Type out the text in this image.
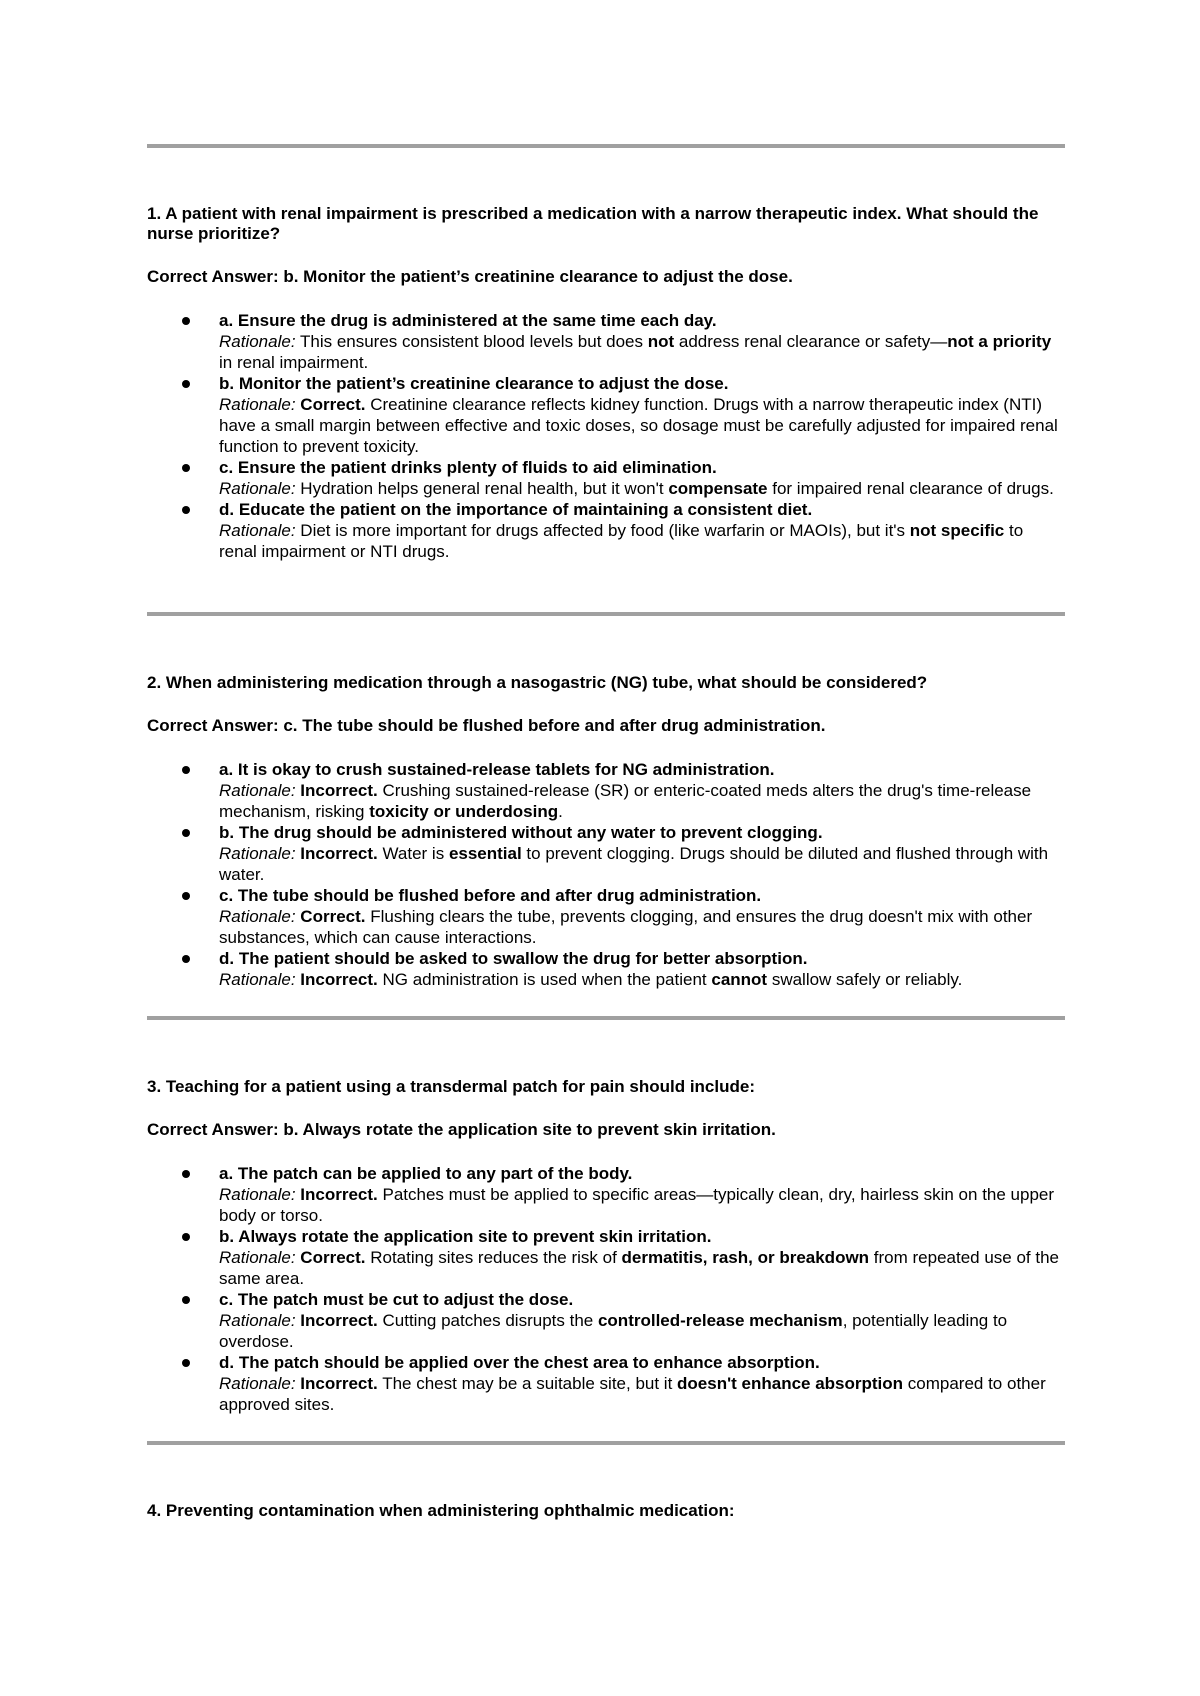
1. A patient with renal impairment is prescribed a medication with a narrow therapeutic index. What should the nurse prioritize?

Correct Answer: b. Monitor the patient’s creatinine clearance to adjust the dose.

a. Ensure the drug is administered at the same time each day.
Rationale: This ensures consistent blood levels but does not address renal clearance or safety—not a priority in renal impairment.
b. Monitor the patient’s creatinine clearance to adjust the dose.
Rationale: Correct. Creatinine clearance reflects kidney function. Drugs with a narrow therapeutic index (NTI) have a small margin between effective and toxic doses, so dosage must be carefully adjusted for impaired renal function to prevent toxicity.
c. Ensure the patient drinks plenty of fluids to aid elimination.
Rationale: Hydration helps general renal health, but it won't compensate for impaired renal clearance of drugs.
d. Educate the patient on the importance of maintaining a consistent diet.
Rationale: Diet is more important for drugs affected by food (like warfarin or MAOIs), but it's not specific to renal impairment or NTI drugs.

2. When administering medication through a nasogastric (NG) tube, what should be considered?

Correct Answer: c. The tube should be flushed before and after drug administration.

a. It is okay to crush sustained-release tablets for NG administration.
Rationale: Incorrect. Crushing sustained-release (SR) or enteric-coated meds alters the drug's time-release mechanism, risking toxicity or underdosing.
b. The drug should be administered without any water to prevent clogging.
Rationale: Incorrect. Water is essential to prevent clogging. Drugs should be diluted and flushed through with water.
c. The tube should be flushed before and after drug administration.
Rationale: Correct. Flushing clears the tube, prevents clogging, and ensures the drug doesn't mix with other substances, which can cause interactions.
d. The patient should be asked to swallow the drug for better absorption.
Rationale: Incorrect. NG administration is used when the patient cannot swallow safely or reliably.

3. Teaching for a patient using a transdermal patch for pain should include:

Correct Answer: b. Always rotate the application site to prevent skin irritation.

a. The patch can be applied to any part of the body.
Rationale: Incorrect. Patches must be applied to specific areas—typically clean, dry, hairless skin on the upper body or torso.
b. Always rotate the application site to prevent skin irritation.
Rationale: Correct. Rotating sites reduces the risk of dermatitis, rash, or breakdown from repeated use of the same area.
c. The patch must be cut to adjust the dose.
Rationale: Incorrect. Cutting patches disrupts the controlled-release mechanism, potentially leading to overdose.
d. The patch should be applied over the chest area to enhance absorption.
Rationale: Incorrect. The chest may be a suitable site, but it doesn't enhance absorption compared to other approved sites.

4. Preventing contamination when administering ophthalmic medication:
